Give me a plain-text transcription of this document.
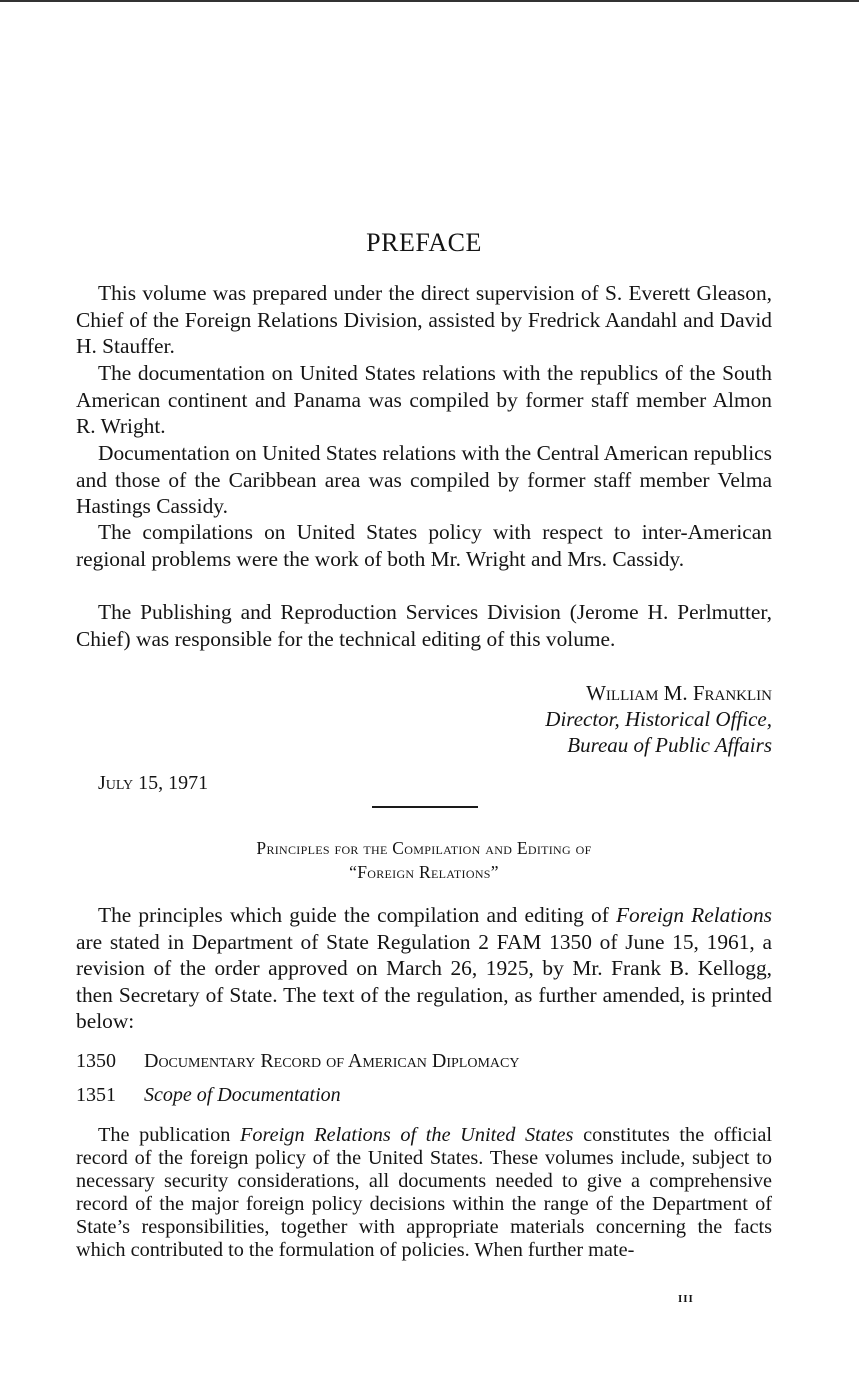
PREFACE

This volume was prepared under the direct supervision of S. Everett Gleason, Chief of the Foreign Relations Division, assisted by Fredrick Aandahl and David H. Stauffer.

The documentation on United States relations with the republics of the South American continent and Panama was compiled by former staff member Almon R. Wright.

Documentation on United States relations with the Central American republics and those of the Caribbean area was compiled by former staff member Velma Hastings Cassidy.

The compilations on United States policy with respect to inter-American regional problems were the work of both Mr. Wright and Mrs. Cassidy.

The Publishing and Reproduction Services Division (Jerome H. Perlmutter, Chief) was responsible for the technical editing of this volume.

William M. Franklin
Director, Historical Office,
Bureau of Public Affairs
July 15, 1971
Principles for the Compilation and Editing of
“Foreign Relations”

The principles which guide the compilation and editing of Foreign Relations are stated in Department of State Regulation 2 FAM 1350 of June 15, 1961, a revision of the order approved on March 26, 1925, by Mr. Frank B. Kellogg, then Secretary of State. The text of the regulation, as further amended, is printed below:

1350 Documentary Record of American Diplomacy
1351 Scope of Documentation

The publication Foreign Relations of the United States constitutes the official record of the foreign policy of the United States. These volumes include, subject to necessary security considerations, all documents needed to give a comprehensive record of the major foreign policy decisions within the range of the Department of State’s responsibilities, together with appropriate materials concerning the facts which contributed to the formulation of policies. When further mate-

iii
